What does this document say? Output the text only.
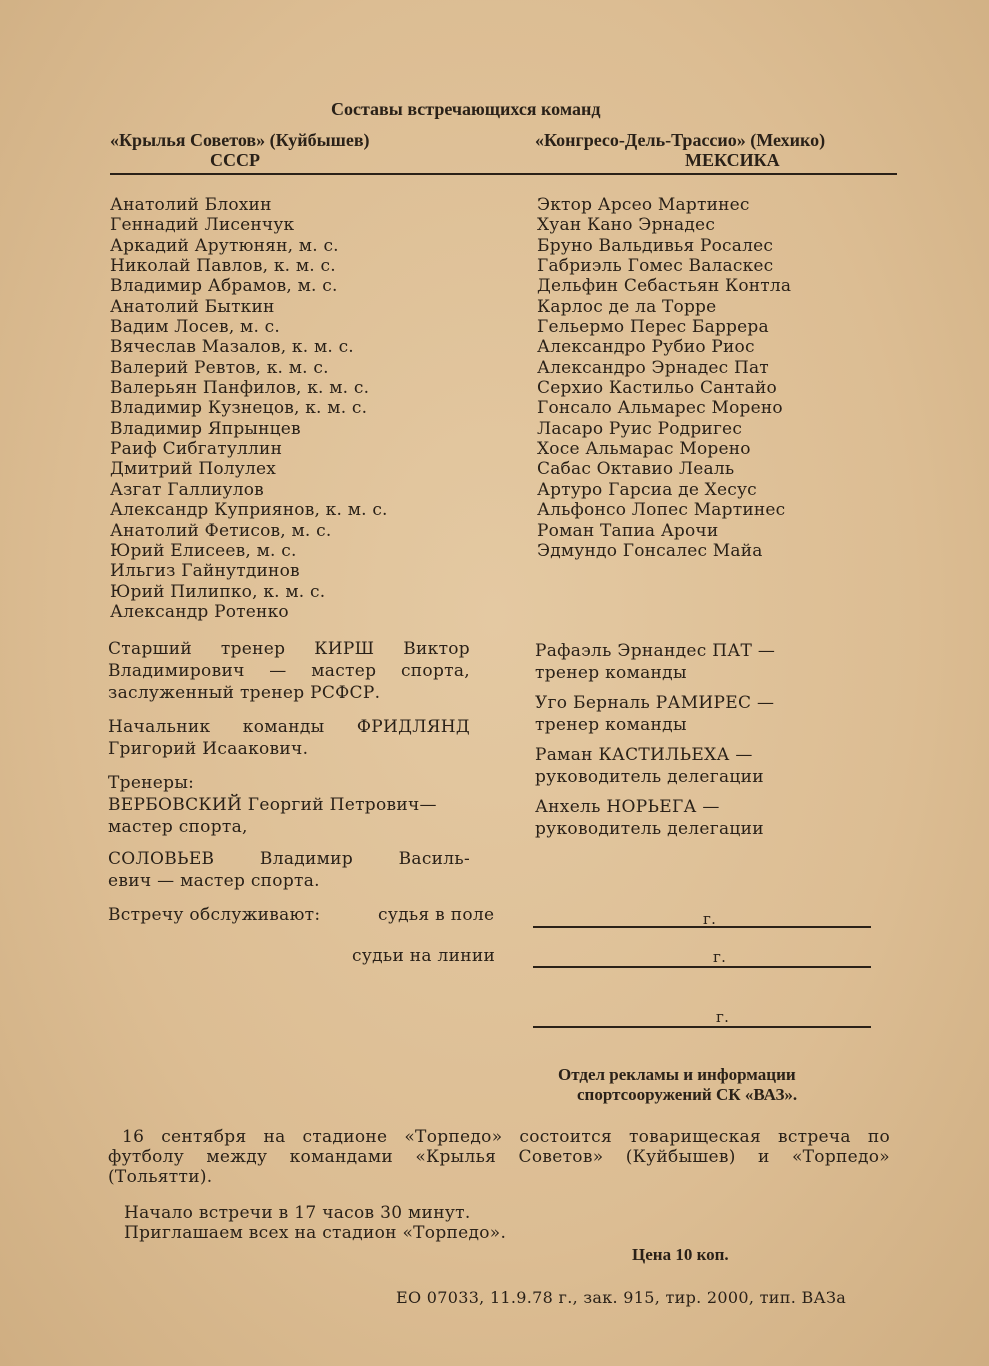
Составы встречающихся команд
«Крылья Советов» (Куйбышев)
СССР
«Конгресо-Дель-Трассио» (Мехико)
МЕКСИКА
Анатолий Блохин
Геннадий Лисенчук
Аркадий Арутюнян, м. с.
Николай Павлов, к. м. с.
Владимир Абрамов, м. с.
Анатолий Быткин
Вадим Лосев, м. с.
Вячеслав Мазалов, к. м. с.
Валерий Ревтов, к. м. с.
Валерьян Панфилов, к. м. с.
Владимир Кузнецов, к. м. с.
Владимир Япрынцев
Раиф Сибгатуллин
Дмитрий Полулех
Азгат Галлиулов
Александр Куприянов, к. м. с.
Анатолий Фетисов, м. с.
Юрий Елисеев, м. с.
Ильгиз Гайнутдинов
Юрий Пилипко, к. м. с.
Александр Ротенко
Эктор Арсео Мартинес
Хуан Кано Эрнадес
Бруно Вальдивья Росалес
Габриэль Гомес Валаскес
Дельфин Себастьян Контла
Карлос де ла Торре
Гельермо Перес Баррера
Александро Рубио Риос
Александро Эрнадес Пат
Серхио Кастильо Сантайо
Гонсало Альмарес Морено
Ласаро Руис Родригес
Хосе Альмарас Морено
Сабас Октавио Леаль
Артуро Гарсиа де Хесус
Альфонсо Лопес Мартинес
Роман Тапиа Арочи
Эдмундо Гонсалес Майа

Старший тренер КИРШ Виктор
Владимирович — мастер спорта,
заслуженный тренер РСФСР.

Начальник команды ФРИДЛЯНД
Григорий Исаакович.

Тренеры:
ВЕРБОВСКИЙ Георгий Петрович—
мастер спорта,

СОЛОВЬЕВ Владимир Василь-
евич — мастер спорта.

Рафаэль Эрнандес ПАТ —
тренер команды

Уго Берналь РАМИРЕС —
тренер команды

Раман КАСТИЛЬЕХА —
руководитель делегации

Анхель НОРЬЕГА —
руководитель делегации

Встречу обслуживают:	судья в поле
судьи на линии
г.
г.
г.
Отдел рекламы и информации
спортсооружений СК «ВАЗ».
16 сентября на стадионе «Торпедо» состоится товарищеская встреча по
футболу между командами «Крылья Советов» (Куйбышев) и «Торпедо»
(Тольятти).
Начало встречи в 17 часов 30 минут.
Приглашаем всех на стадион «Торпедо».
Цена 10 коп.
ЕО 07033, 11.9.78 г., зак. 915, тир. 2000, тип. ВАЗа
